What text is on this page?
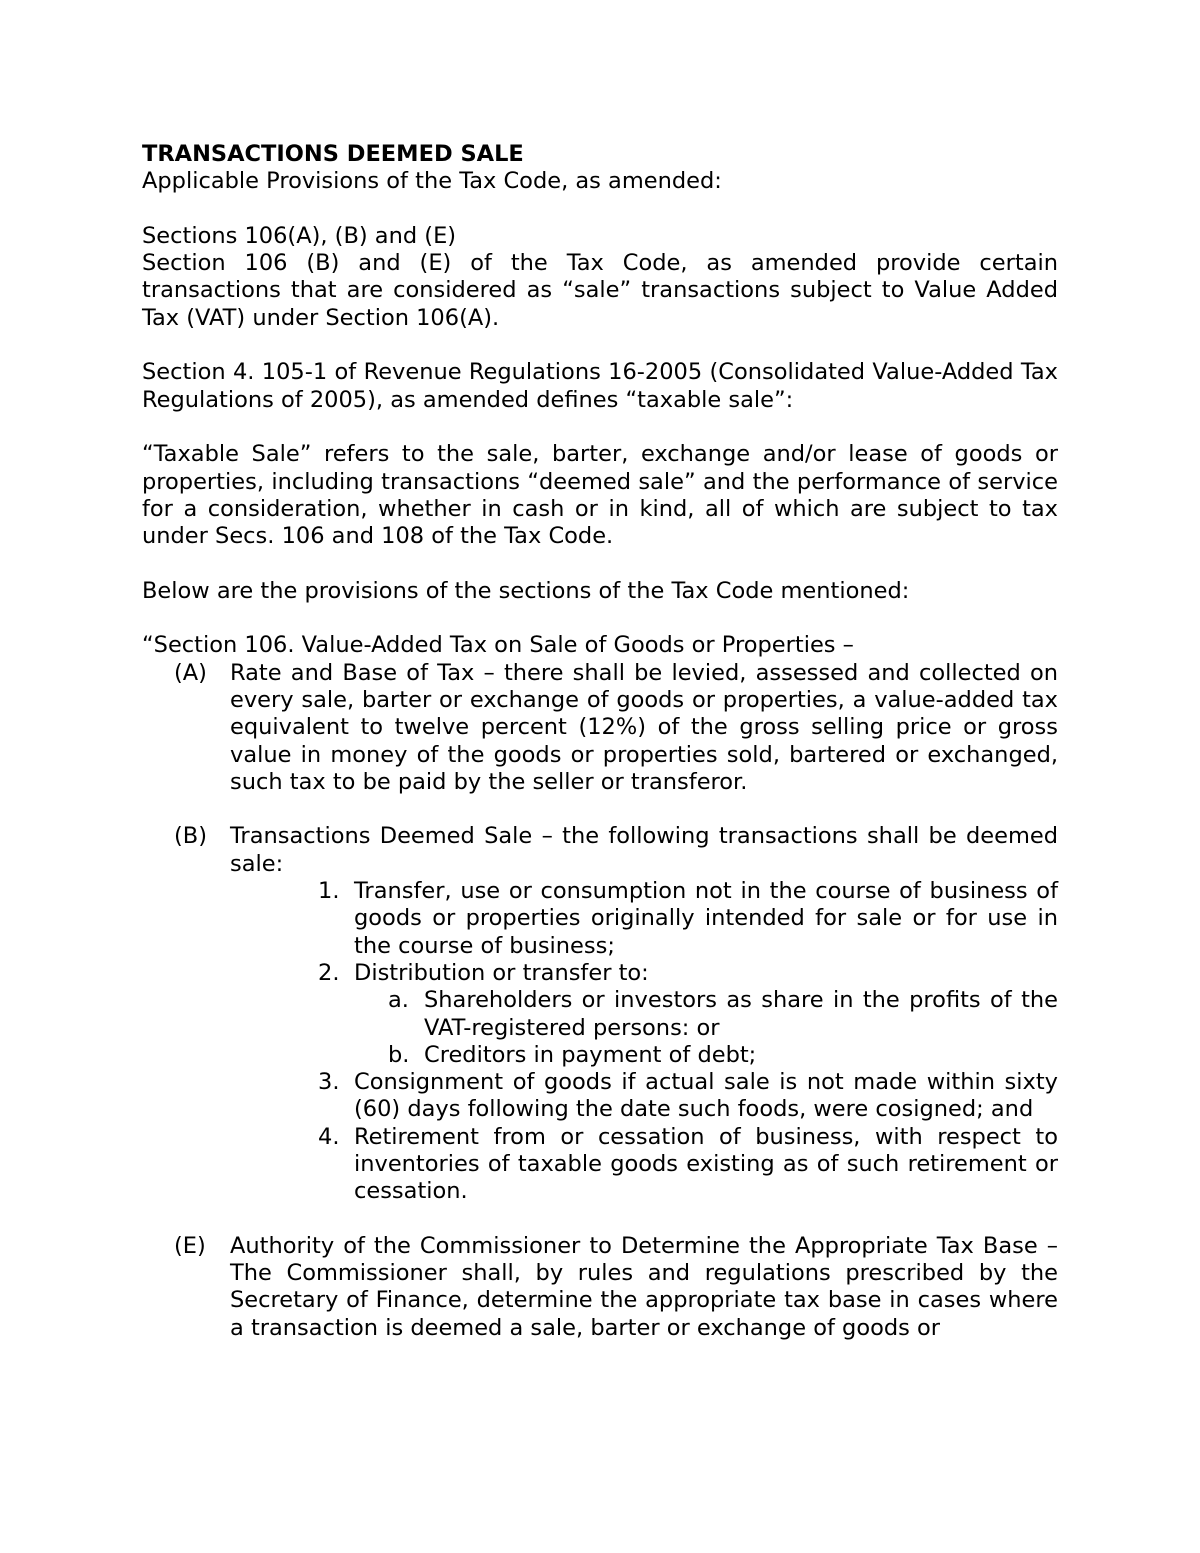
TRANSACTIONS DEEMED SALE

Applicable Provisions of the Tax Code, as amended:

Sections 106(A), (B) and (E)

Section 106 (B) and (E) of the Tax Code, as amended provide certain transactions that are considered as “sale” transactions subject to Value Added Tax (VAT) under Section 106(A).

Section 4. 105-1 of Revenue Regulations 16-2005 (Consolidated Value-Added Tax Regulations of 2005), as amended defines “taxable sale”:

“Taxable Sale” refers to the sale, barter, exchange and/or lease of goods or properties, including transactions “deemed sale” and the performance of service for a consideration, whether in cash or in kind, all of which are subject to tax under Secs. 106 and 108 of the Tax Code.

Below are the provisions of the sections of the Tax Code mentioned:

“Section 106. Value-Added Tax on Sale of Goods or Properties –

(A) Rate and Base of Tax – there shall be levied, assessed and collected on every sale, barter or exchange of goods or properties, a value-added tax equivalent to twelve percent (12%) of the gross selling price or gross value in money of the goods or properties sold, bartered or exchanged, such tax to be paid by the seller or transferor.
(B) Transactions Deemed Sale – the following transactions shall be deemed sale:
1. Transfer, use or consumption not in the course of business of goods or properties originally intended for sale or for use in the course of business;
2. Distribution or transfer to:
a. Shareholders or investors as share in the profits of the VAT-registered persons: or
b. Creditors in payment of debt;
3. Consignment of goods if actual sale is not made within sixty (60) days following the date such foods, were cosigned; and
4. Retirement from or cessation of business, with respect to inventories of taxable goods existing as of such retirement or cessation.
(E) Authority of the Commissioner to Determine the Appropriate Tax Base – The Commissioner shall, by rules and regulations prescribed by the Secretary of Finance, determine the appropriate tax base in cases where a transaction is deemed a sale, barter or exchange of goods or
